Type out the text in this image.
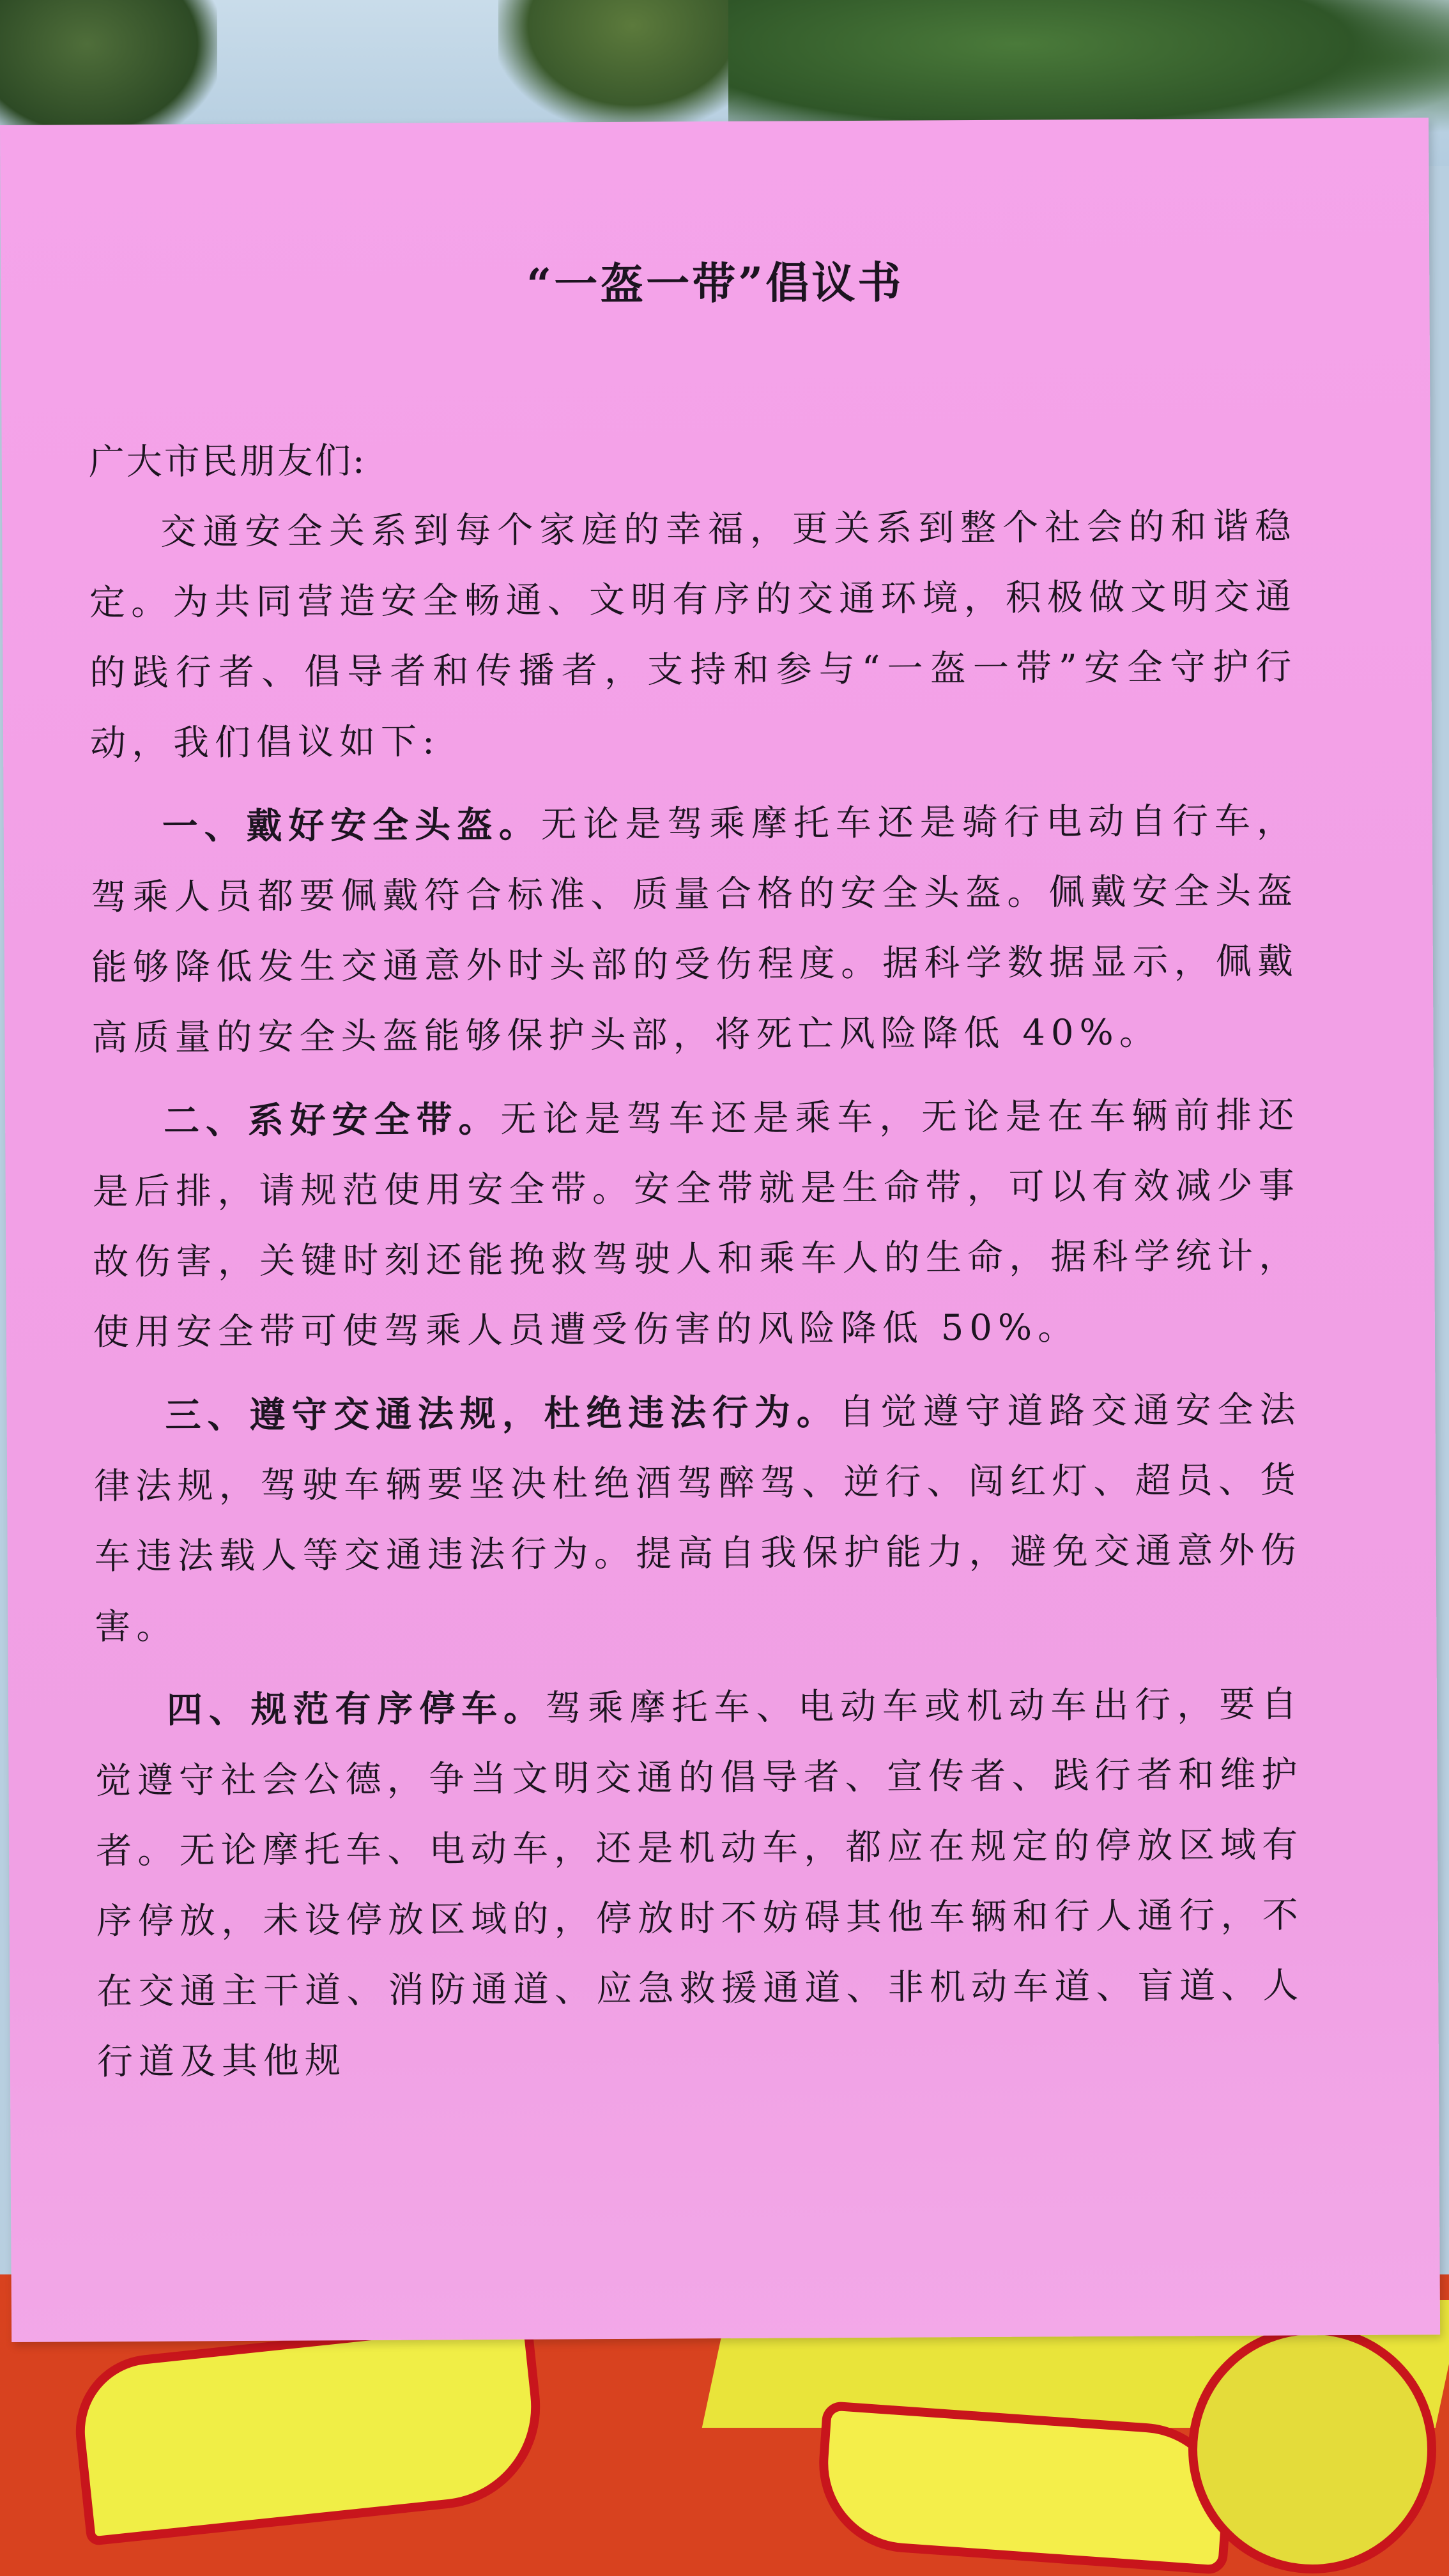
“一盔一带”倡议书
广大市民朋友们:

交通安全关系到每个家庭的幸福，更关系到整个社会的和谐稳定。为共同营造安全畅通、文明有序的交通环境，积极做文明交通的践行者、倡导者和传播者，支持和参与“一盔一带”安全守护行动，我们倡议如下:

一、戴好安全头盔。无论是驾乘摩托车还是骑行电动自行车，驾乘人员都要佩戴符合标准、质量合格的安全头盔。佩戴安全头盔能够降低发生交通意外时头部的受伤程度。据科学数据显示，佩戴高质量的安全头盔能够保护头部，将死亡风险降低 40%。

二、系好安全带。无论是驾车还是乘车，无论是在车辆前排还是后排，请规范使用安全带。安全带就是生命带，可以有效减少事故伤害，关键时刻还能挽救驾驶人和乘车人的生命，据科学统计，使用安全带可使驾乘人员遭受伤害的风险降低 50%。

三、遵守交通法规，杜绝违法行为。自觉遵守道路交通安全法律法规，驾驶车辆要坚决杜绝酒驾醉驾、逆行、闯红灯、超员、货车违法载人等交通违法行为。提高自我保护能力，避免交通意外伤害。

四、规范有序停车。驾乘摩托车、电动车或机动车出行，要自觉遵守社会公德，争当文明交通的倡导者、宣传者、践行者和维护者。无论摩托车、电动车，还是机动车，都应在规定的停放区域有序停放，未设停放区域的，停放时不妨碍其他车辆和行人通行，不在交通主干道、消防通道、应急救援通道、非机动车道、盲道、人行道及其他规
